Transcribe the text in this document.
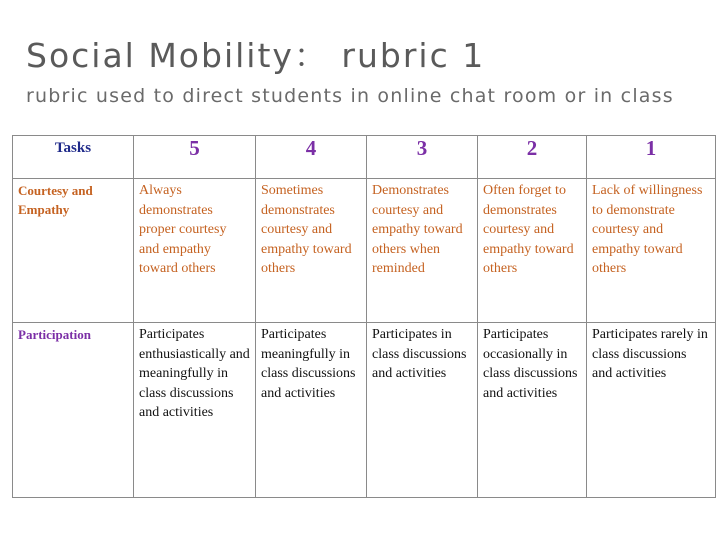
Social Mobility： rubric 1
rubric used to direct students in online chat room or in class
Tasks	5	4	3	2	1
Courtesy and Empathy	Always demonstrates proper courtesy and empathy toward others	Sometimes demonstrates courtesy and empathy toward others	Demonstrates courtesy and empathy toward others when reminded	Often forget to demonstrates courtesy and empathy toward others	Lack of willingness to demonstrate courtesy and empathy toward others
Participation	Participates enthusiastically and meaningfully in class discussions and activities	Participates meaningfully in class discussions and activities	Participates in class discussions and activities	Participates occasionally in class discussions and activities	Participates rarely in class discussions and activities
